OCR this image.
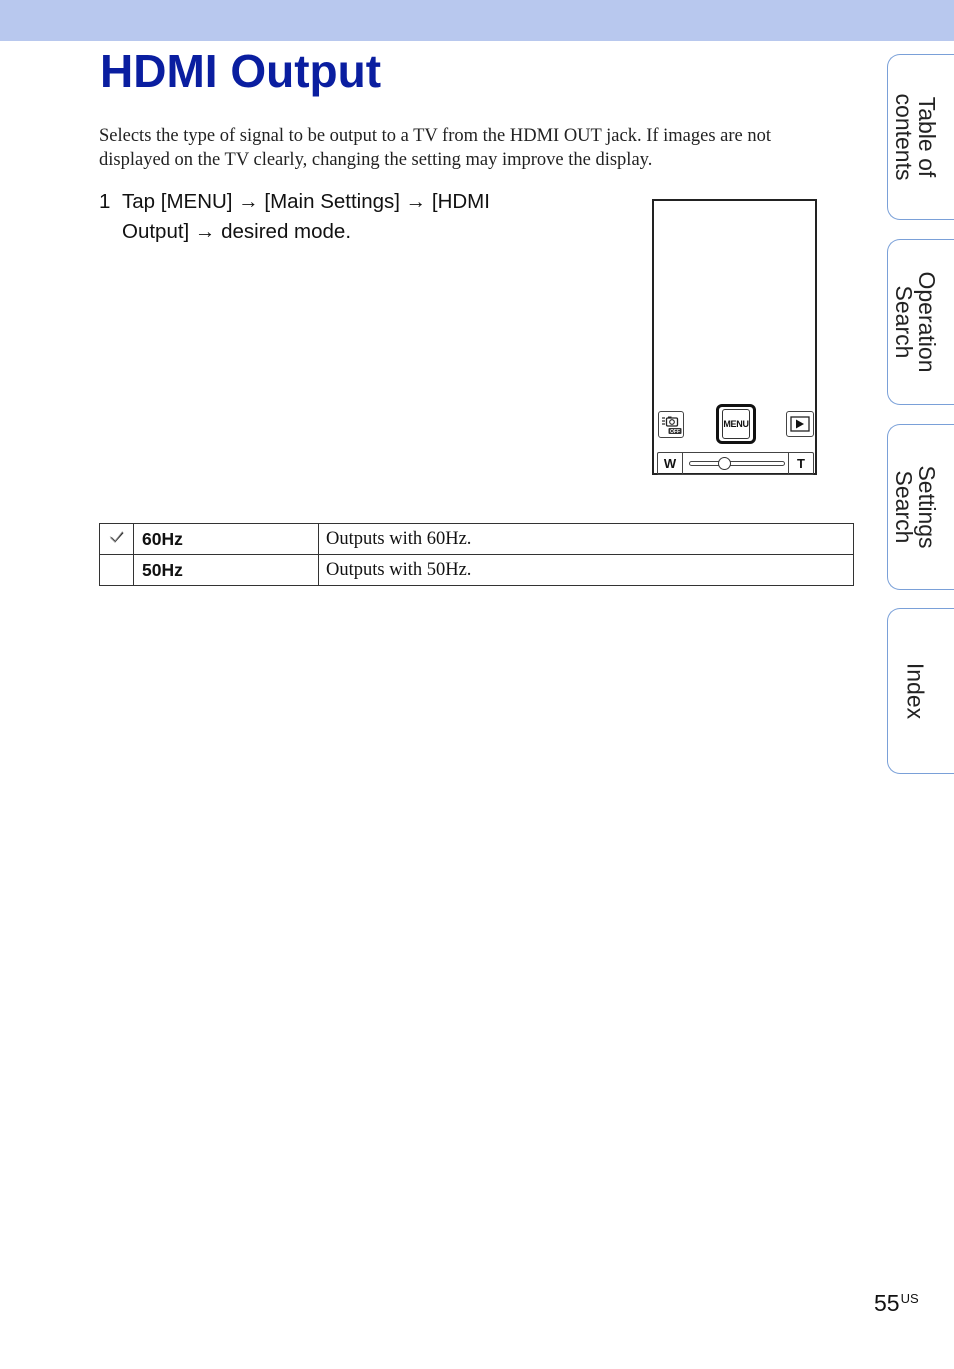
HDMI Output

Selects the type of signal to be output to a TV from the HDMI OUT jack. If images are not displayed on the TV clearly, changing the setting may improve the display.

1 Tap [MENU] → [Main Settings] → [HDMI Output] → desired mode.
OFF
MENU
W	T
	60Hz	Outputs with 60Hz.
	50Hz	Outputs with 50Hz.
Table of
contents
Operation
Search
Settings
Search
Index
$55^{US}$
